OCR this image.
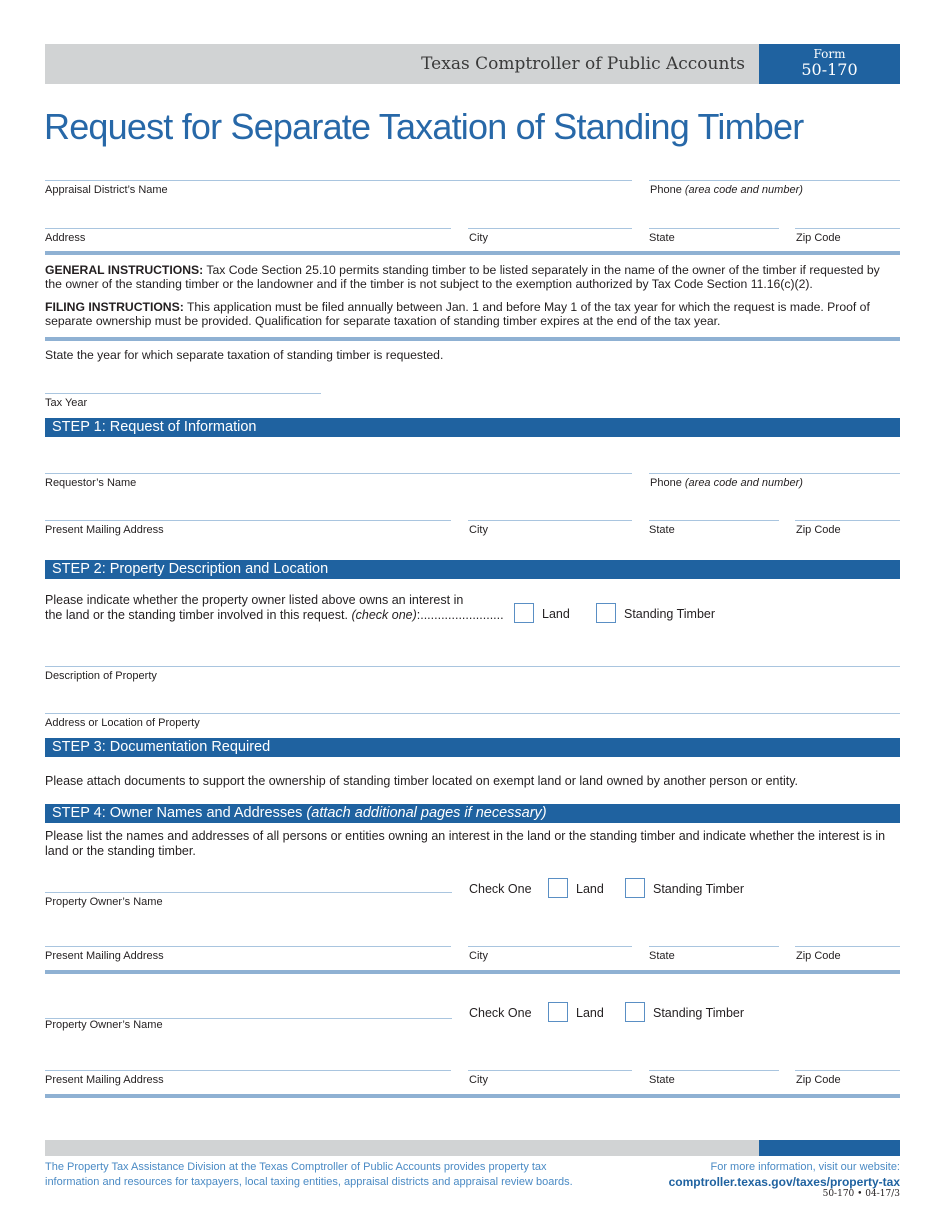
Texas Comptroller of Public Accounts	Form
50-170
Request for Separate Taxation of Standing Timber
Appraisal District’s Name	Phone (area code and number)
Address	City	State	Zip Code
GENERAL INSTRUCTIONS: Tax Code Section 25.10 permits standing timber to be listed separately in the name of the owner of the timber if requested by the owner of the standing timber or the landowner and if the timber is not subject to the exemption authorized by Tax Code Section 11.16(c)(2).
FILING INSTRUCTIONS: This application must be filed annually between Jan. 1 and before May 1 of the tax year for which the request is made. Proof of separate ownership must be provided. Qualification for separate taxation of standing timber expires at the end of the tax year.
State the year for which separate taxation of standing timber is requested.
Tax Year
STEP 1: Request of Information
Requestor’s Name	Phone (area code and number)
Present Mailing Address	City	State	Zip Code
STEP 2: Property Description and Location
Please indicate whether the property owner listed above owns an interest in
the land or the standing timber involved in this request. (check one):........................	Land	Standing Timber
Description of Property
Address or Location of Property
STEP 3: Documentation Required
Please attach documents to support the ownership of standing timber located on exempt land or land owned by another person or entity.
STEP 4: Owner Names and Addresses (attach additional pages if necessary)
Please list the names and addresses of all persons or entities owning an interest in the land or the standing timber and indicate whether the interest is in land or the standing timber.
Property Owner’s Name
Check One	Land	Standing Timber
Present Mailing Address	City	State	Zip Code
Property Owner’s Name
Check One	Land	Standing Timber
Present Mailing Address	City	State	Zip Code
The Property Tax Assistance Division at the Texas Comptroller of Public Accounts provides property tax
information and resources for taxpayers, local taxing entities, appraisal districts and appraisal review boards.
For more information, visit our website:
comptroller.texas.gov/taxes/property-tax
50-170 • 04-17/3
